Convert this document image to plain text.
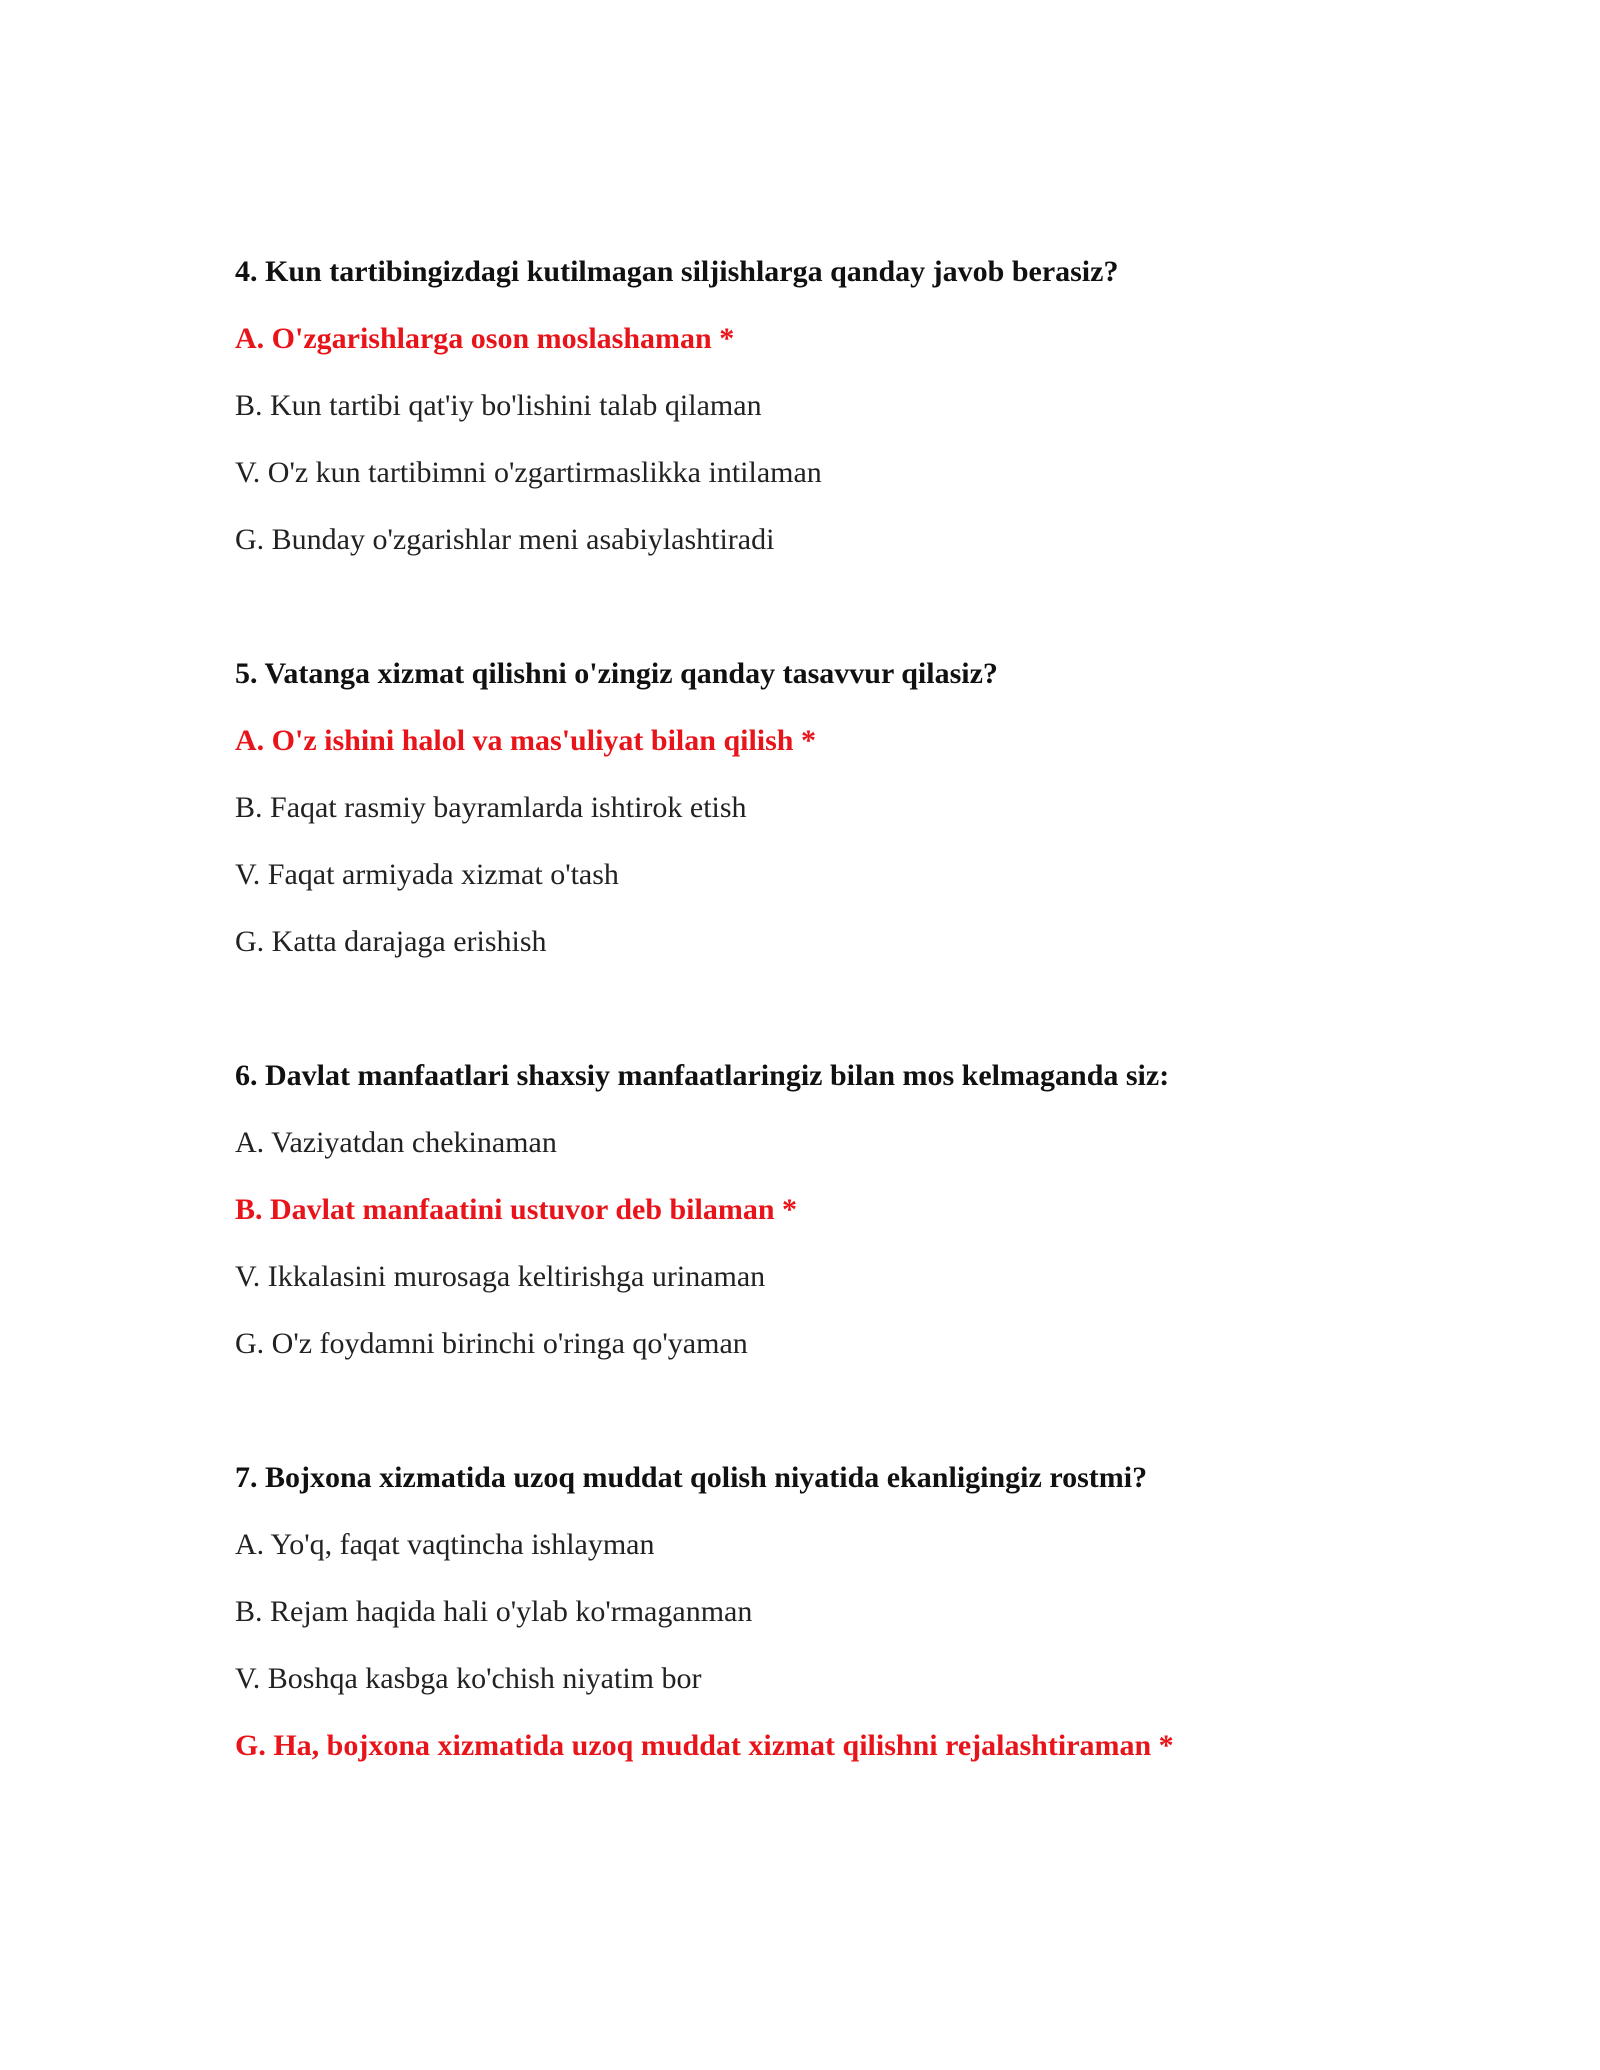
4. Kun tartibingizdagi kutilmagan siljishlarga qanday javob berasiz?
A. O'zgarishlarga oson moslashaman *
B. Kun tartibi qat'iy bo'lishini talab qilaman
V. O'z kun tartibimni o'zgartirmaslikka intilaman
G. Bunday o'zgarishlar meni asabiylashtiradi
5. Vatanga xizmat qilishni o'zingiz qanday tasavvur qilasiz?
A. O'z ishini halol va mas'uliyat bilan qilish *
B. Faqat rasmiy bayramlarda ishtirok etish
V. Faqat armiyada xizmat o'tash
G. Katta darajaga erishish
6. Davlat manfaatlari shaxsiy manfaatlaringiz bilan mos kelmaganda siz:
A. Vaziyatdan chekinaman
B. Davlat manfaatini ustuvor deb bilaman *
V. Ikkalasini murosaga keltirishga urinaman
G. O'z foydamni birinchi o'ringa qo'yaman
7. Bojxona xizmatida uzoq muddat qolish niyatida ekanligingiz rostmi?
A. Yo'q, faqat vaqtincha ishlayman
B. Rejam haqida hali o'ylab ko'rmaganman
V. Boshqa kasbga ko'chish niyatim bor
G. Ha, bojxona xizmatida uzoq muddat xizmat qilishni rejalashtiraman *
